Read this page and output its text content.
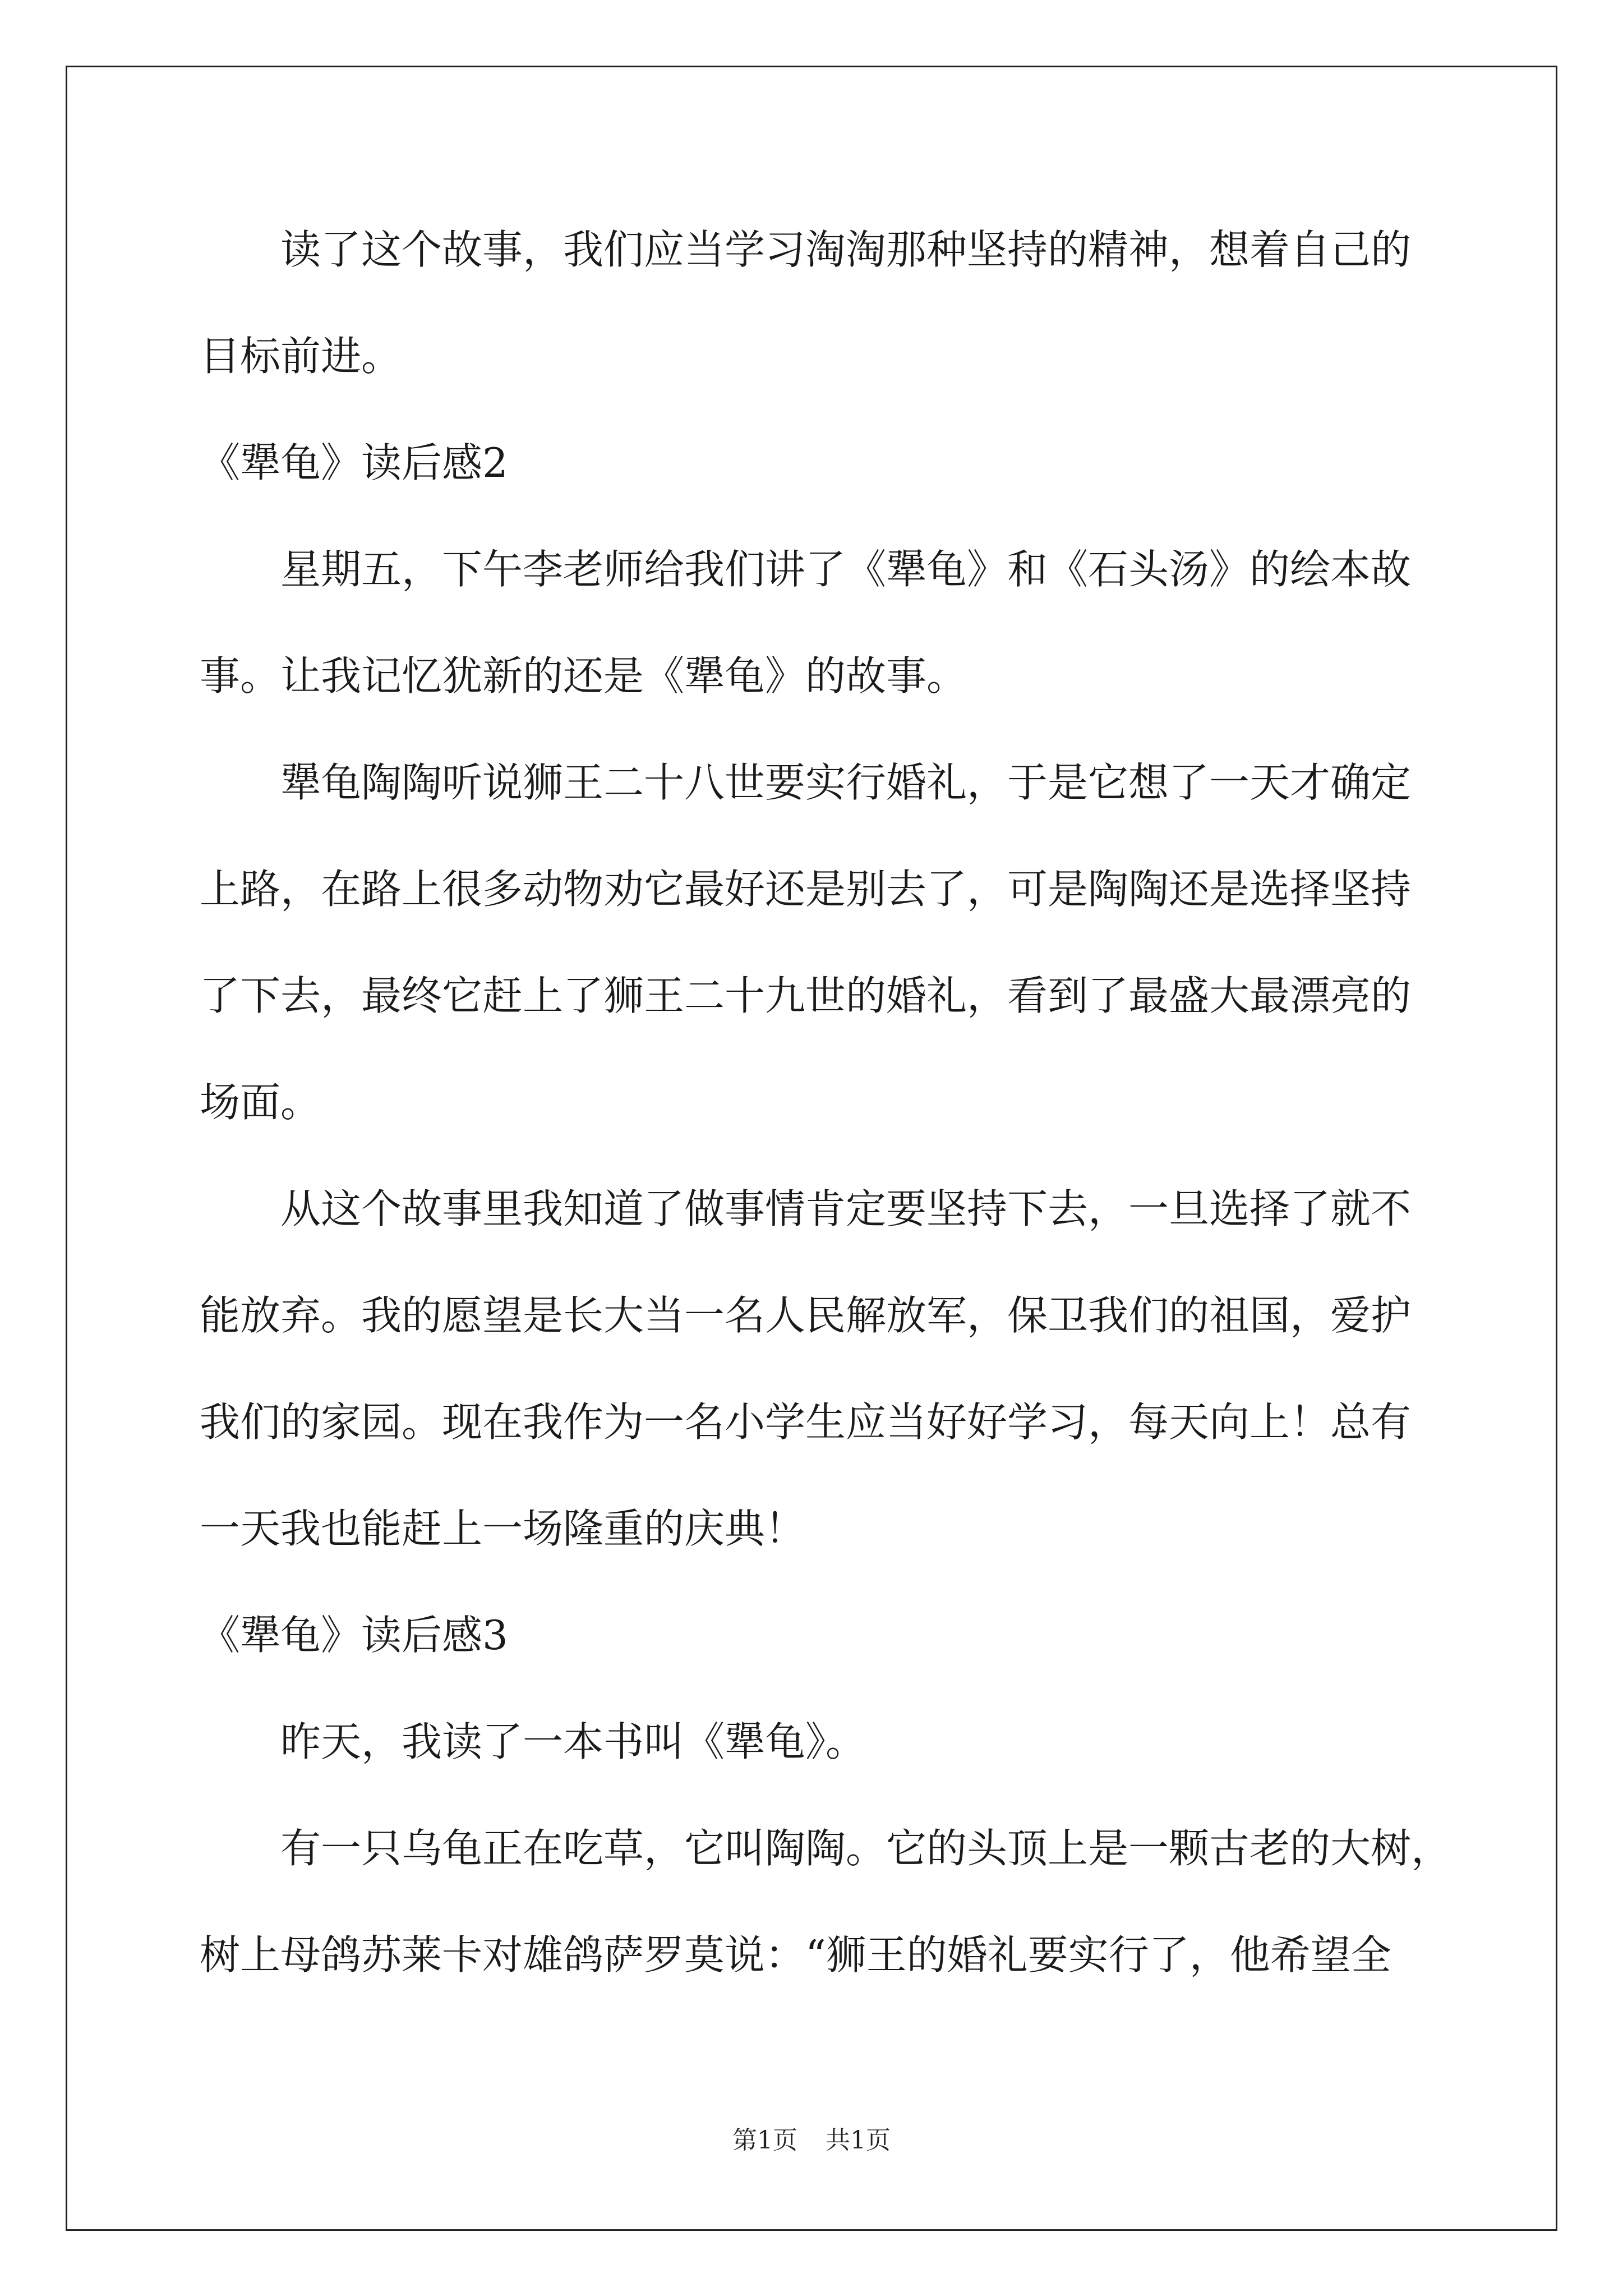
读了这个故事，我们应当学习淘淘那种坚持的精神，想着自己的
目标前进。
《犟龟》读后感2
星期五，下午李老师给我们讲了《犟龟》和《石头汤》的绘本故
事。让我记忆犹新的还是《犟龟》的故事。
犟龟陶陶听说狮王二十八世要实行婚礼，于是它想了一天才确定
上路，在路上很多动物劝它最好还是别去了，可是陶陶还是选择坚持
了下去，最终它赶上了狮王二十九世的婚礼，看到了最盛大最漂亮的
场面。
从这个故事里我知道了做事情肯定要坚持下去，一旦选择了就不
能放弃。我的愿望是长大当一名人民解放军，保卫我们的祖国，爱护
我们的家园。现在我作为一名小学生应当好好学习，每天向上！总有
一天我也能赶上一场隆重的庆典！
《犟龟》读后感3
昨天，我读了一本书叫《犟龟》。
有一只乌龟正在吃草，它叫陶陶。它的头顶上是一颗古老的大树，
树上母鸽苏莱卡对雄鸽萨罗莫说：“狮王的婚礼要实行了，他希望全
第1页 共1页
